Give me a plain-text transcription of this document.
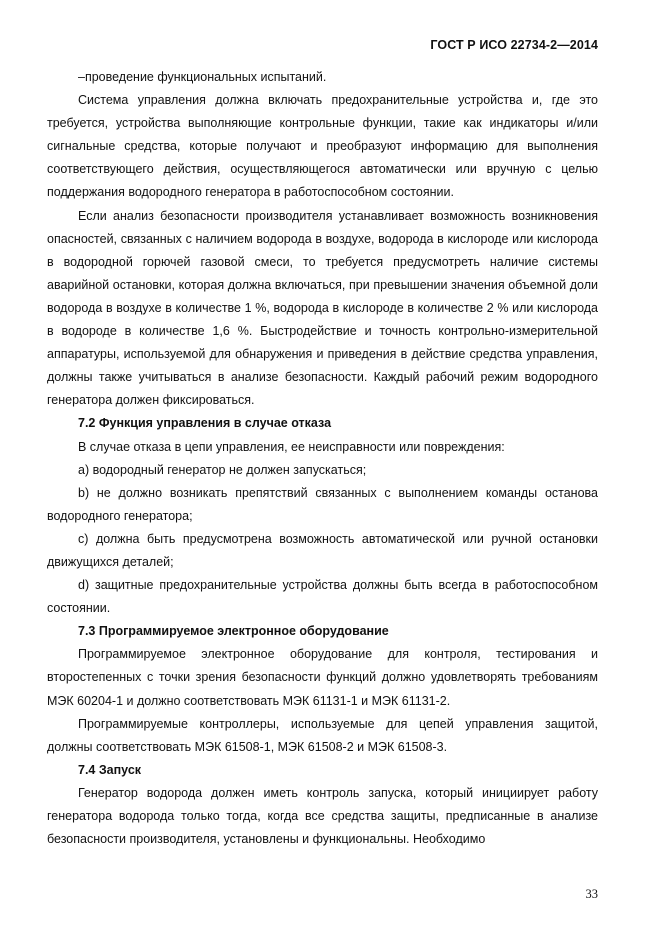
ГОСТ Р ИСО 22734-2—2014

–проведение функциональных испытаний.

Система управления должна включать предохранительные устройства и, где это требуется, устройства выполняющие контрольные функции, такие как индикаторы и/или сигнальные средства, которые получают и преобразуют информацию для выполнения соответствующего действия, осуществляющегося автоматически или вручную с целью поддержания водородного генератора в работоспособном состоянии.

Если анализ безопасности производителя устанавливает возможность возникновения опасностей, связанных с наличием водорода в воздухе, водорода в кислороде или кислорода в водородной горючей газовой смеси, то требуется предусмотреть наличие системы аварийной остановки, которая должна включаться, при превышении значения объемной доли водорода в воздухе в количестве 1 %, водорода в кислороде в количестве 2 % или кислорода в водороде в количестве 1,6 %. Быстродействие и точность контрольно-измерительной аппаратуры, используемой для обнаружения и приведения в действие средства управления, должны также учитываться в анализе безопасности. Каждый рабочий режим водородного генератора должен фиксироваться.

7.2 Функция управления в случае отказа

В случае отказа в цепи управления, ее неисправности или повреждения:

a) водородный генератор не должен запускаться;

b) не должно возникать препятствий связанных с выполнением команды останова водородного генератора;

c) должна быть предусмотрена возможность автоматической или ручной остановки движущихся деталей;

d) защитные предохранительные устройства должны быть всегда в работоспособном состоянии.

7.3 Программируемое электронное оборудование

Программируемое электронное оборудование для контроля, тестирования и второстепенных с точки зрения безопасности функций должно удовлетворять требованиям МЭК 60204-1 и должно соответствовать МЭК 61131-1 и МЭК 61131-2.

Программируемые контроллеры, используемые для цепей управления защитой, должны соответствовать МЭК 61508-1, МЭК 61508-2 и МЭК 61508-3.

7.4 Запуск

Генератор водорода должен иметь контроль запуска, который инициирует работу генератора водорода только тогда, когда все средства защиты, предписанные в анализе безопасности производителя, установлены и функциональны. Необходимо

33
